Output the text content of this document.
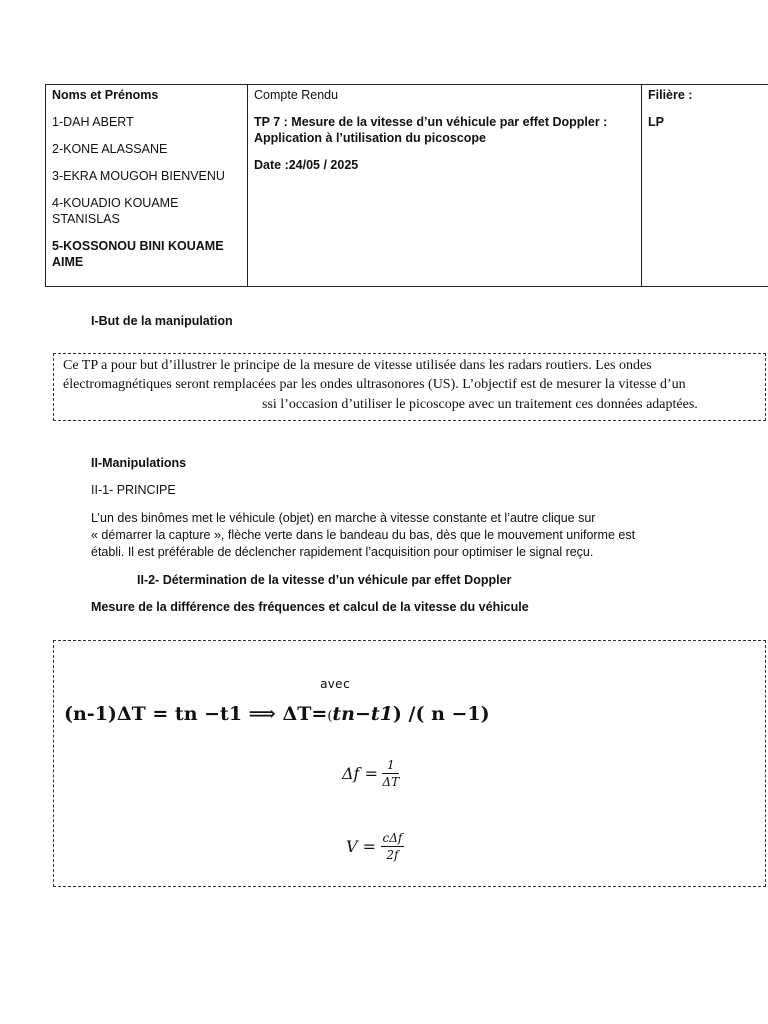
Noms et Prénoms
1-DAH ABERT
2-KONE ALASSANE
3-EKRA MOUGOH BIENVENU
4-KOUADIO KOUAME STANISLAS
5-KOSSONOU BINI KOUAME AIME

Compte Rendu
TP 7 : Mesure de la vitesse d’un véhicule par effet Doppler : Application à l’utilisation du picoscope
Date :24/05 / 2025

Filière :
LP
I-But de la manipulation
Ce TP a pour but d’illustrer le principe de la mesure de vitesse utilisée dans les radars routiers. Les ondes
électromagnétiques seront remplacées par les ondes ultrasonores (US). L’objectif est de mesurer la vitesse d’un
ssi l’occasion d’utiliser le picoscope avec un traitement ces données adaptées.
II-Manipulations
II-1- PRINCIPE
L’un des binômes met le véhicule (objet) en marche à vitesse constante et l’autre clique sur
« démarrer la capture », flèche verte dans le bandeau du bas, dès que le mouvement uniforme est
établi. Il est préférable de déclencher rapidement l’acquisition pour optimiser le signal reçu.
II-2- Détermination de la vitesse d’un véhicule par effet Doppler
Mesure de la différence des fréquences et calcul de la vitesse du véhicule
avec
(n-1)ΔT = tn −t1 ⟹ ΔT=(tn−t1) /( n −1)
$\Delta f = \frac{1}{\Delta T}$
$V = \frac{\text{cΔf}}{2f}$
